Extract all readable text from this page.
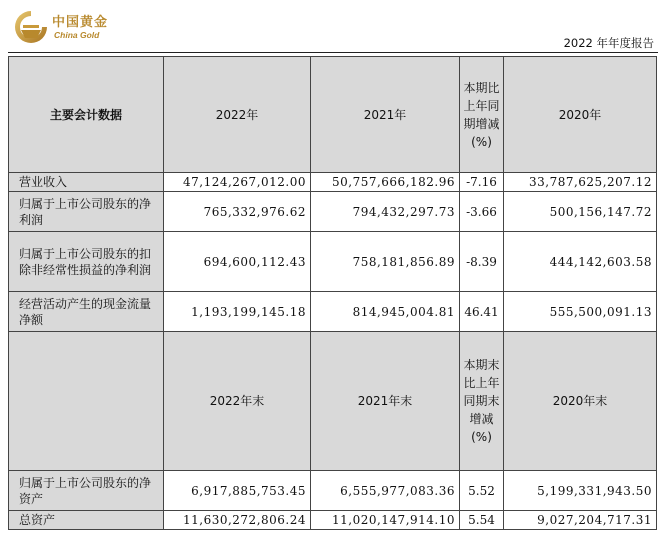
中国黄金
China Gold
2022 年年度报告
主要会计数据	2022年	2021年	本期比上年同期增减(%)	2020年
营业收入	47,124,267,012.00	50,757,666,182.96	-7.16	33,787,625,207.12
归属于上市公司股东的净利润	765,332,976.62	794,432,297.73	-3.66	500,156,147.72
归属于上市公司股东的扣除非经常性损益的净利润	694,600,112.43	758,181,856.89	-8.39	444,142,603.58
经营活动产生的现金流量净额	1,193,199,145.18	814,945,004.81	46.41	555,500,091.13
	2022年末	2021年末	本期末比上年同期末增减(%)	2020年末
归属于上市公司股东的净资产	6,917,885,753.45	6,555,977,083.36	5.52	5,199,331,943.50
总资产	11,630,272,806.24	11,020,147,914.10	5.54	9,027,204,717.31
